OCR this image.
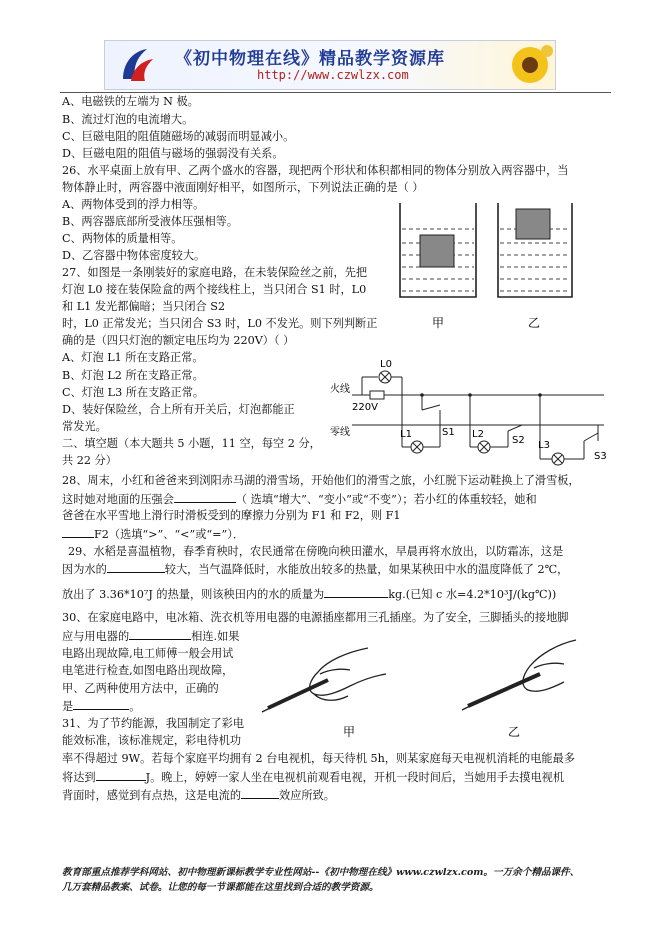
《初中物理在线》精品教学资源库
http://www.czwlzx.com
A、电磁铁的左端为 N 极。
B、流过灯泡的电流增大。
C、巨磁电阻的阻值随磁场的减弱而明显减小。
D、巨磁电阻的阻值与磁场的强弱没有关系。
26、水平桌面上放有甲、乙两个盛水的容器，现把两个形状和体积都相同的物体分别放入两容器中，当
物体静止时，两容器中液面刚好相平，如图所示，下列说法正确的是（ ）
A、两物体受到的浮力相等。
B、两容器底部所受液体压强相等。
C、两物体的质量相等。
D、乙容器中物体密度较大。
27、如图是一条刚装好的家庭电路，在未装保险丝之前，先把
灯泡 L0 接在装保险盒的两个接线柱上，当只闭合 S1 时，L0
和 L1 发光都偏暗；当只闭合 S2
时，L0 正常发光；当只闭合 S3 时，L0 不发光。则下列判断正
确的是（四只灯泡的额定电压均为 220V）（ ）
A、灯泡 L1 所在支路正常。
B、灯泡 L2 所在支路正常。
C、灯泡 L3 所在支路正常。
D、装好保险丝，合上所有开关后，灯泡都能正
常发光。
二、填空题（本大题共 5 小题，11 空，每空 2 分，
共 22 分）
28、周末，小红和爸爸来到浏阳赤马湖的滑雪场，开始他们的滑雪之旅，小红脱下运动鞋换上了滑雪板，
这时她对地面的压强会	（ 选填“增大”、“变小”或“不变”）；若小红的体重较轻，她和
爸爸在水平雪地上滑行时滑板受到的摩擦力分别为 F1 和 F2，则 F1
F2（选填“>”、“<”或“=”）．
29、水稻是喜温植物，春季育秧时，农民通常在傍晚向秧田灌水，早晨再将水放出，以防霜冻，这是
因为水的	较大，当气温降低时，水能放出较多的热量，如果某秧田中水的温度降低了 2℃，
放出了 3.36*10⁷J 的热量，则该秧田内的水的质量为	kg.(已知 c 水=4.2*10³J/(kg℃))
30、在家庭电路中，电冰箱、洗衣机等用电器的电源插座都用三孔插座。为了安全，三脚插头的接地脚
应与用电器的	相连.如果
电路出现故障,电工师傅一般会用试
电笔进行检查,如图电路出现故障，
甲、乙两种使用方法中，正确的
是	。
31、为了节约能源，我国制定了彩电
能效标准，该标准规定，彩电待机功
率不得超过 9W。若每个家庭平均拥有 2 台电视机，每天待机 5h，则某家庭每天电视机消耗的电能最多
将达到	J。晚上，婷婷一家人坐在电视机前观看电视，开机一段时间后，当她用手去摸电视机
背面时，感觉到有点热，这是电流的	效应所致。
甲	乙
火线
零线
220V
L0
L1	S1 L2
S2 L3
S3
甲	乙
教育部重点推荐学科网站、初中物理新课标教学专业性网站--《初中物理在线》www.czwlzx.com。一万余个精品课件、
几万套精品教案、试卷。让您的每一节课都能在这里找到合适的教学资源。
